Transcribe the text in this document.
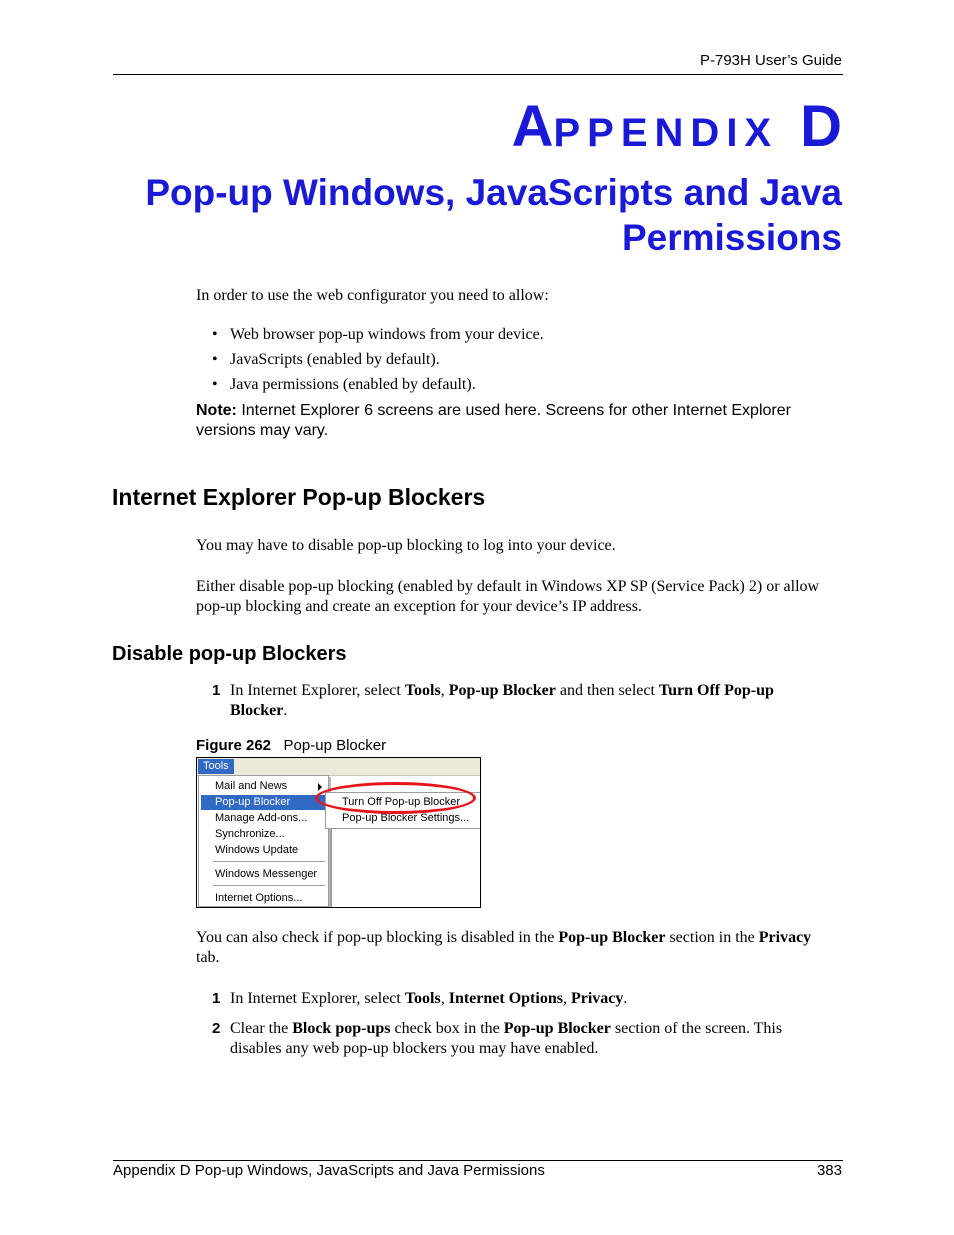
P-793H User’s Guide
APPENDIX D
Pop-up Windows, JavaScripts and Java Permissions
In order to use the web configurator you need to allow:
• Web browser pop-up windows from your device.
• JavaScripts (enabled by default).
• Java permissions (enabled by default).
Note: Internet Explorer 6 screens are used here. Screens for other Internet Explorer versions may vary.
Internet Explorer Pop-up Blockers
You may have to disable pop-up blocking to log into your device.
Either disable pop-up blocking (enabled by default in Windows XP SP (Service Pack) 2) or allow pop-up blocking and create an exception for your device’s IP address.
Disable pop-up Blockers
1 In Internet Explorer, select Tools, Pop-up Blocker and then select Turn Off Pop-up Blocker.
Figure 262 Pop-up Blocker
Tools
Mail and News
Pop-up Blocker
Manage Add-ons...
Synchronize...
Windows Update
Windows Messenger
Internet Options...
Turn Off Pop-up Blocker
Pop-up Blocker Settings...
You can also check if pop-up blocking is disabled in the Pop-up Blocker section in the Privacy tab.
1 In Internet Explorer, select Tools, Internet Options, Privacy.
2 Clear the Block pop-ups check box in the Pop-up Blocker section of the screen. This disables any web pop-up blockers you may have enabled.
Appendix D Pop-up Windows, JavaScripts and Java Permissions	383
